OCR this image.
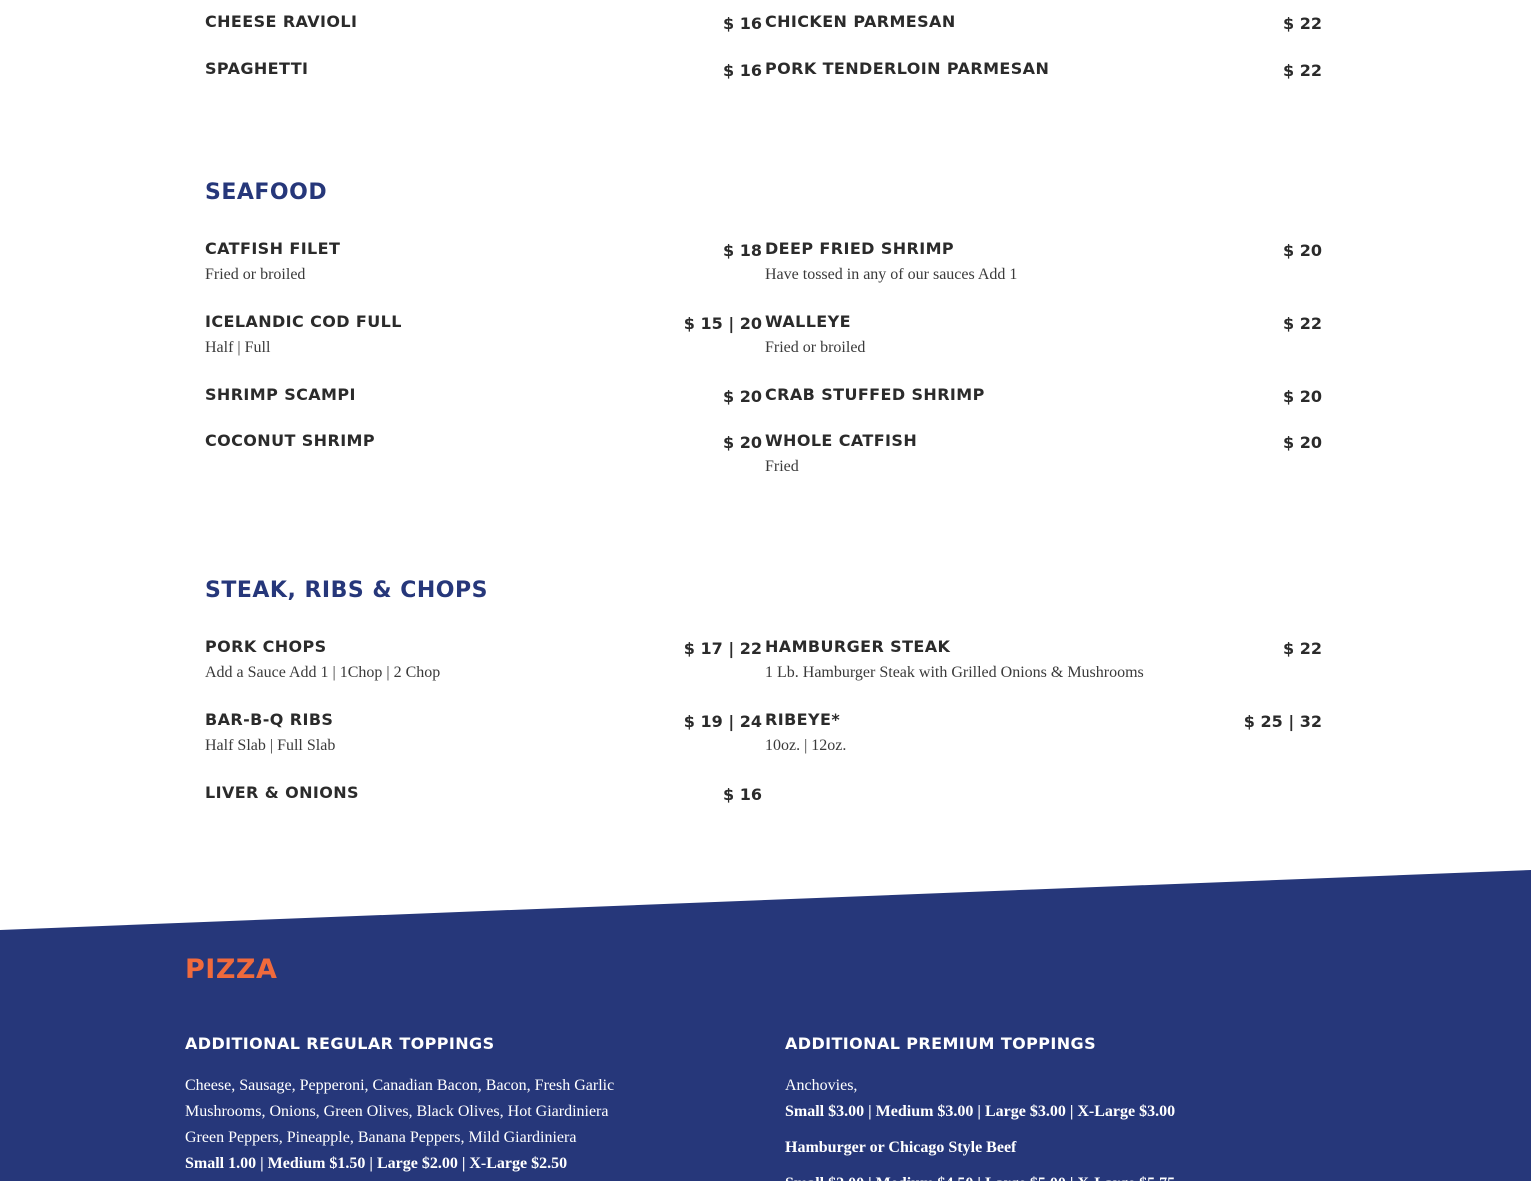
CHEESE RAVIOLI	$ 16 CHICKEN PARMESAN	$ 22
SPAGHETTI	$ 16 PORK TENDERLOIN PARMESAN	$ 22
SEAFOOD
CATFISH FILET	$ 18
Fried or broiled
DEEP FRIED SHRIMP	$ 20
Have tossed in any of our sauces Add 1
ICELANDIC COD FULL	$ 15 | 20
Half | Full
WALLEYE	$ 22
Fried or broiled
SHRIMP SCAMPI	$ 20 CRAB STUFFED SHRIMP	$ 20
COCONUT SHRIMP	$ 20 WHOLE CATFISH	$ 20
Fried
STEAK, RIBS & CHOPS
PORK CHOPS	$ 17 | 22
Add a Sauce Add 1 | 1Chop | 2 Chop
HAMBURGER STEAK	$ 22
1 Lb. Hamburger Steak with Grilled Onions & Mushrooms
BAR-B-Q RIBS	$ 19 | 24
Half Slab | Full Slab
RIBEYE*	$ 25 | 32
10oz. | 12oz.
LIVER & ONIONS	$ 16
PIZZA
ADDITIONAL REGULAR TOPPINGS

Cheese, Sausage, Pepperoni, Canadian Bacon, Bacon, Fresh Garlic

Mushrooms, Onions, Green Olives, Black Olives, Hot Giardiniera

Green Peppers, Pineapple, Banana Peppers, Mild Giardiniera

Small 1.00 | Medium $1.50 | Large $2.00 | X-Large $2.50

ADDITIONAL PREMIUM TOPPINGS

Anchovies,

Small $3.00 | Medium $3.00 | Large $3.00 | X-Large $3.00

Hamburger or Chicago Style Beef

Small $2.00 | Medium $4.50 | Large $5.00 | X-Large $5.75
